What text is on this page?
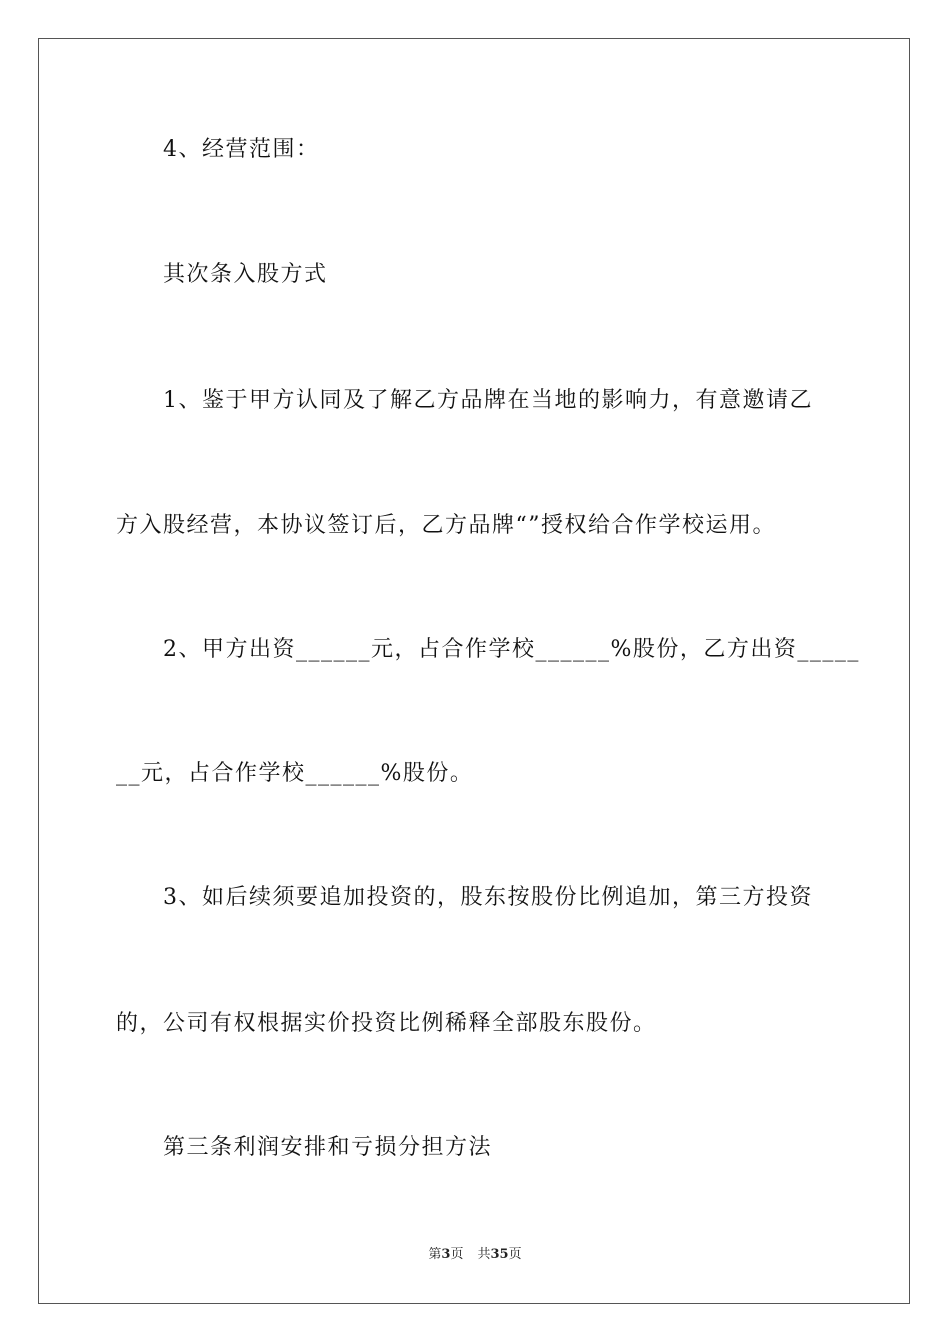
4、经营范围：

其次条入股方式

1、鉴于甲方认同及了解乙方品牌在当地的影响力，有意邀请乙

方入股经营，本协议签订后，乙方品牌“”授权给合作学校运用。

2、甲方出资______元，占合作学校______%股份，乙方出资_____

__元，占合作学校______%股份。

3、如后续须要追加投资的，股东按股份比例追加，第三方投资

的，公司有权根据实价投资比例稀释全部股东股份。

第三条利润安排和亏损分担方法

第3页 共35页
